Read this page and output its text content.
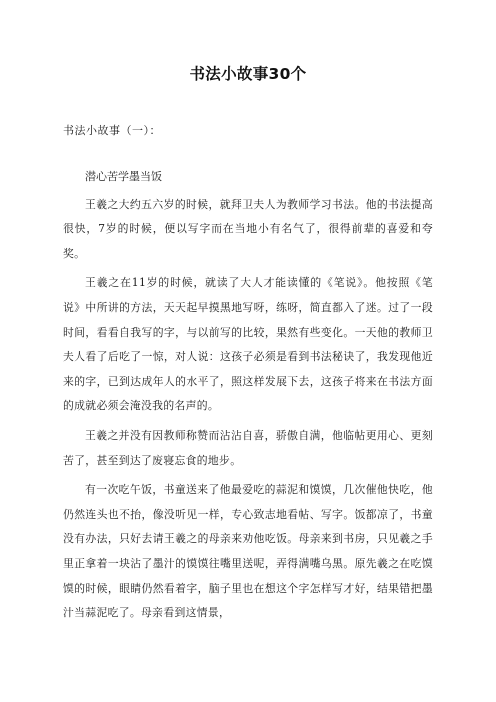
书法小故事30个
书法小故事（一）：

潜心苦学墨当饭

王羲之大约五六岁的时候，就拜卫夫人为教师学习书法。他的书法提高很快，7岁的时候，便以写字而在当地小有名气了，很得前辈的喜爱和夸奖。

王羲之在11岁的时候，就读了大人才能读懂的《笔说》。他按照《笔说》中所讲的方法，天天起早摸黑地写呀，练呀，简直都入了迷。过了一段时间，看看自我写的字，与以前写的比较，果然有些变化。一天他的教师卫夫人看了后吃了一惊，对人说：这孩子必须是看到书法秘诀了，我发现他近来的字，已到达成年人的水平了，照这样发展下去，这孩子将来在书法方面的成就必须会淹没我的名声的。

王羲之并没有因教师称赞而沾沾自喜，骄傲自满，他临帖更用心、更刻苦了，甚至到达了废寝忘食的地步。

有一次吃午饭，书童送来了他最爱吃的蒜泥和馍馍，几次催他快吃，他仍然连头也不抬，像没听见一样，专心致志地看帖、写字。饭都凉了，书童没有办法，只好去请王羲之的母亲来劝他吃饭。母亲来到书房，只见羲之手里正拿着一块沾了墨汁的馍馍往嘴里送呢，弄得满嘴乌黑。原先羲之在吃馍馍的时候，眼睛仍然看着字，脑子里也在想这个字怎样写才好，结果错把墨汁当蒜泥吃了。母亲看到这情景，
